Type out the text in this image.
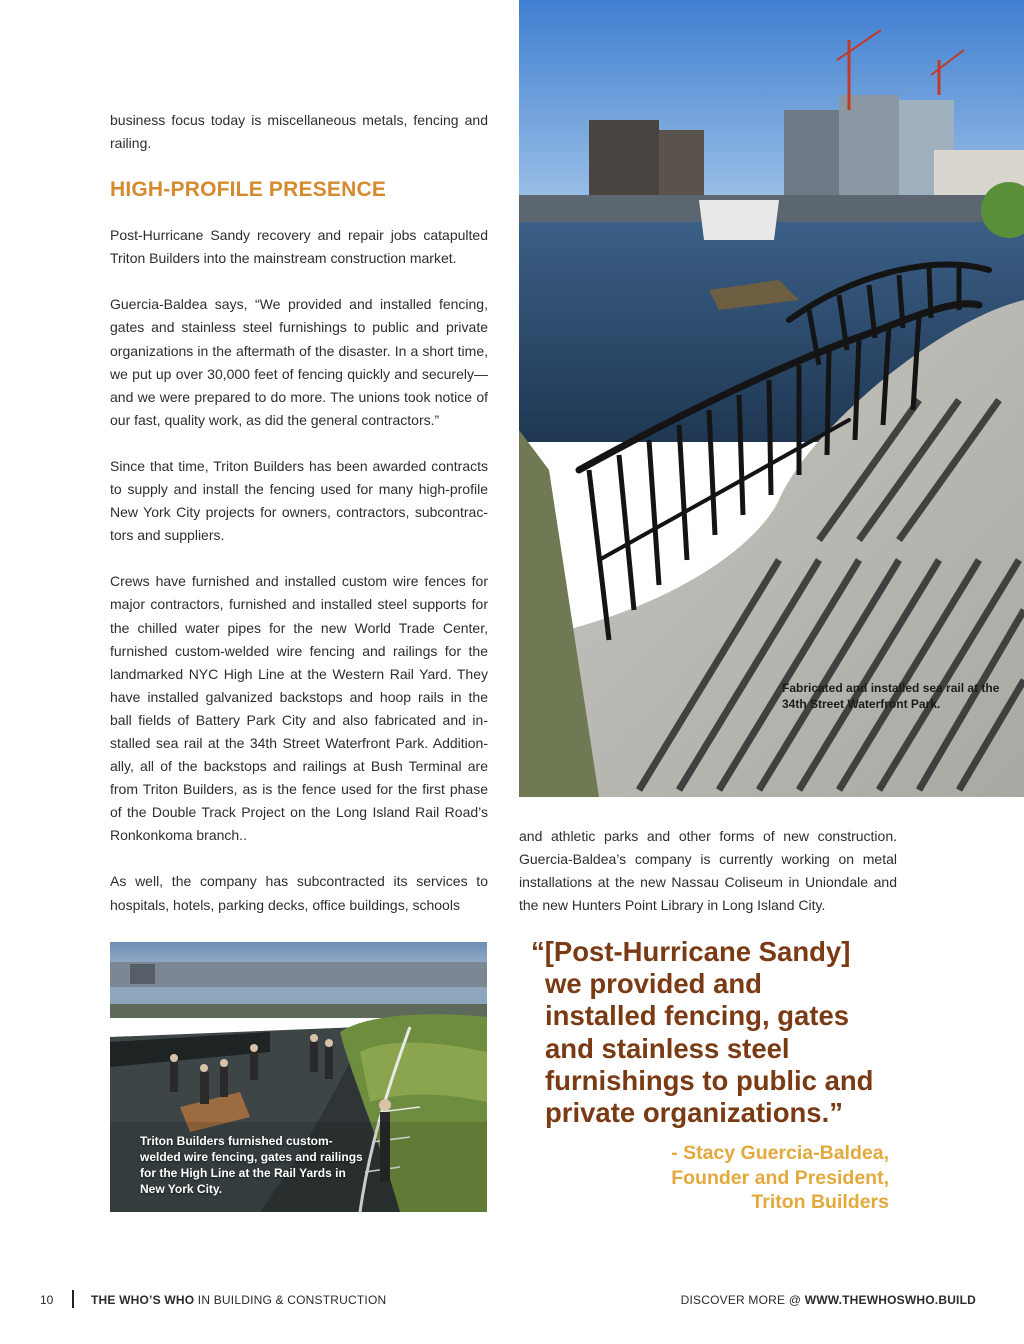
business focus today is miscellaneous metals, fencing and railing.

HIGH-PROFILE PRESENCE

Post-Hurricane Sandy recovery and repair jobs catapulted Triton Builders into the mainstream construction market.

Guercia-Baldea says, “We provided and installed fencing, gates and stainless steel furnishings to public and private organizations in the aftermath of the disaster. In a short time, we put up over 30,000 feet of fencing quickly and securely—and we were prepared to do more. The unions took notice of our fast, quality work, as did the general contractors.”

Since that time, Triton Builders has been awarded contracts to supply and install the fencing used for many high-profile New York City projects for owners, contractors, subcontrac-tors and suppliers.

Crews have furnished and installed custom wire fences for major contractors, furnished and installed steel supports for the chilled water pipes for the new World Trade Center, furnished custom-welded wire fencing and railings for the landmarked NYC High Line at the Western Rail Yard. They have installed galvanized backstops and hoop rails in the ball fields of Battery Park City and also fabricated and in-stalled sea rail at the 34th Street Waterfront Park. Addition-ally, all of the backstops and railings at Bush Terminal are from Triton Builders, as is the fence used for the first phase of the Double Track Project on the Long Island Rail Road’s Ronkonkoma branch..

As well, the company has subcontracted its services to hospitals, hotels, parking decks, office buildings, schools

Fabricated and installed sea rail at the 34th Street Waterfront Park.

and athletic parks and other forms of new construction. Guercia-Baldea’s company is currently working on metal installations at the new Nassau Coliseum in Uniondale and the new Hunters Point Library in Long Island City.

Triton Builders furnished custom-welded wire fencing, gates and railings for the High Line at the Rail Yards in New York City.
“[Post-Hurricane Sandy]
we provided and
installed fencing, gates
and stainless steel
furnishings to public and
private organizations.”
- Stacy Guercia-Baldea,
Founder and President,
Triton Builders
10	THE WHO’S WHO IN BUILDING & CONSTRUCTION	DISCOVER MORE @ WWW.THEWHOSWHO.BUILD
